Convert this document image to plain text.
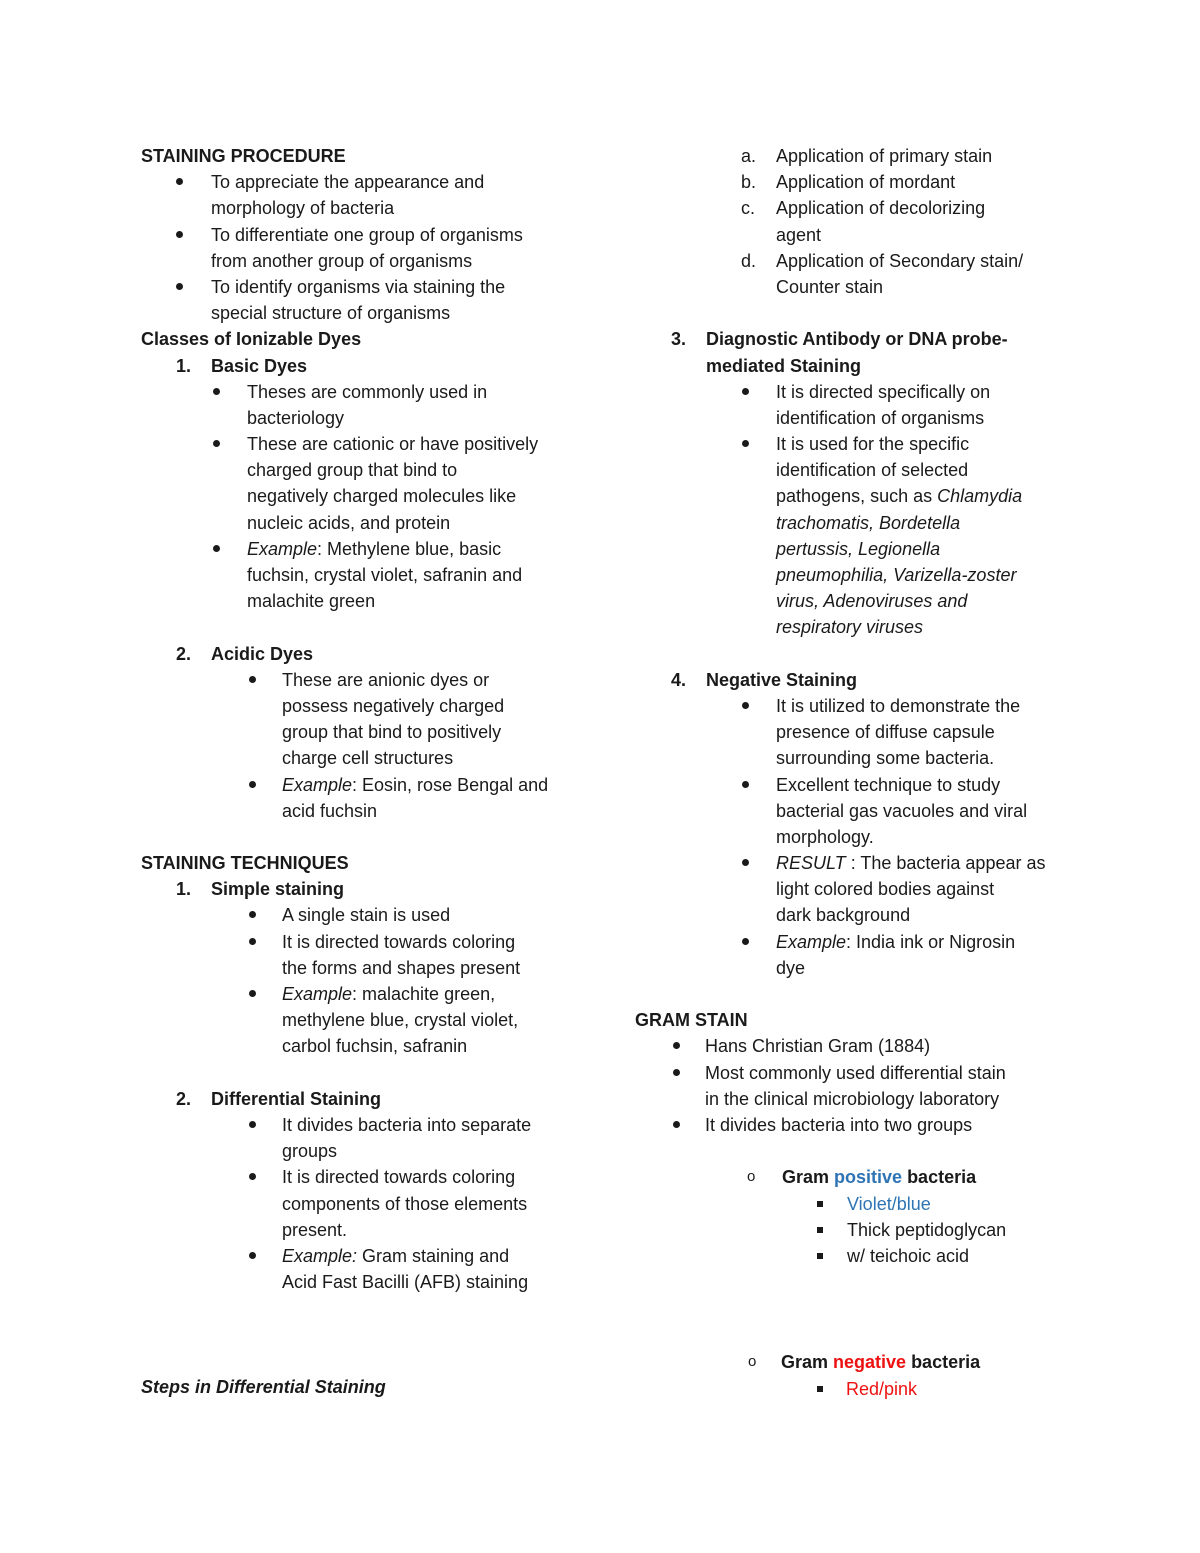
STAINING PROCEDURE
To appreciate the appearance and
morphology of bacteria
To differentiate one group of organisms
from another group of organisms
To identify organisms via staining the
special structure of organisms
Classes of Ionizable Dyes
1. Basic Dyes
Theses are commonly used in
bacteriology
These are cationic or have positively
charged group that bind to
negatively charged molecules like
nucleic acids, and protein
Example: Methylene blue, basic
fuchsin, crystal violet, safranin and
malachite green
2. Acidic Dyes
These are anionic dyes or
possess negatively charged
group that bind to positively
charge cell structures
Example: Eosin, rose Bengal and
acid fuchsin
STAINING TECHNIQUES
1. Simple staining
A single stain is used
It is directed towards coloring
the forms and shapes present
Example: malachite green,
methylene blue, crystal violet,
carbol fuchsin, safranin
2. Differential Staining
It divides bacteria into separate
groups
It is directed towards coloring
components of those elements
present.
Example: Gram staining and
Acid Fast Bacilli (AFB) staining
Steps in Differential Staining
a. Application of primary stain
b. Application of mordant
c. Application of decolorizing
agent
d. Application of Secondary stain/
Counter stain
3. Diagnostic Antibody or DNA probe-
mediated Staining
It is directed specifically on
identification of organisms
It is used for the specific
identification of selected
pathogens, such as Chlamydia
trachomatis, Bordetella
pertussis, Legionella
pneumophilia, Varizella-zoster
virus, Adenoviruses and
respiratory viruses
4. Negative Staining
It is utilized to demonstrate the
presence of diffuse capsule
surrounding some bacteria.
Excellent technique to study
bacterial gas vacuoles and viral
morphology.
RESULT : The bacteria appear as
light colored bodies against
dark background
Example: India ink or Nigrosin
dye
GRAM STAIN
Hans Christian Gram (1884)
Most commonly used differential stain
in the clinical microbiology laboratory
It divides bacteria into two groups
o Gram positive bacteria
Violet/blue
Thick peptidoglycan
w/ teichoic acid
o Gram negative bacteria
Red/pink
